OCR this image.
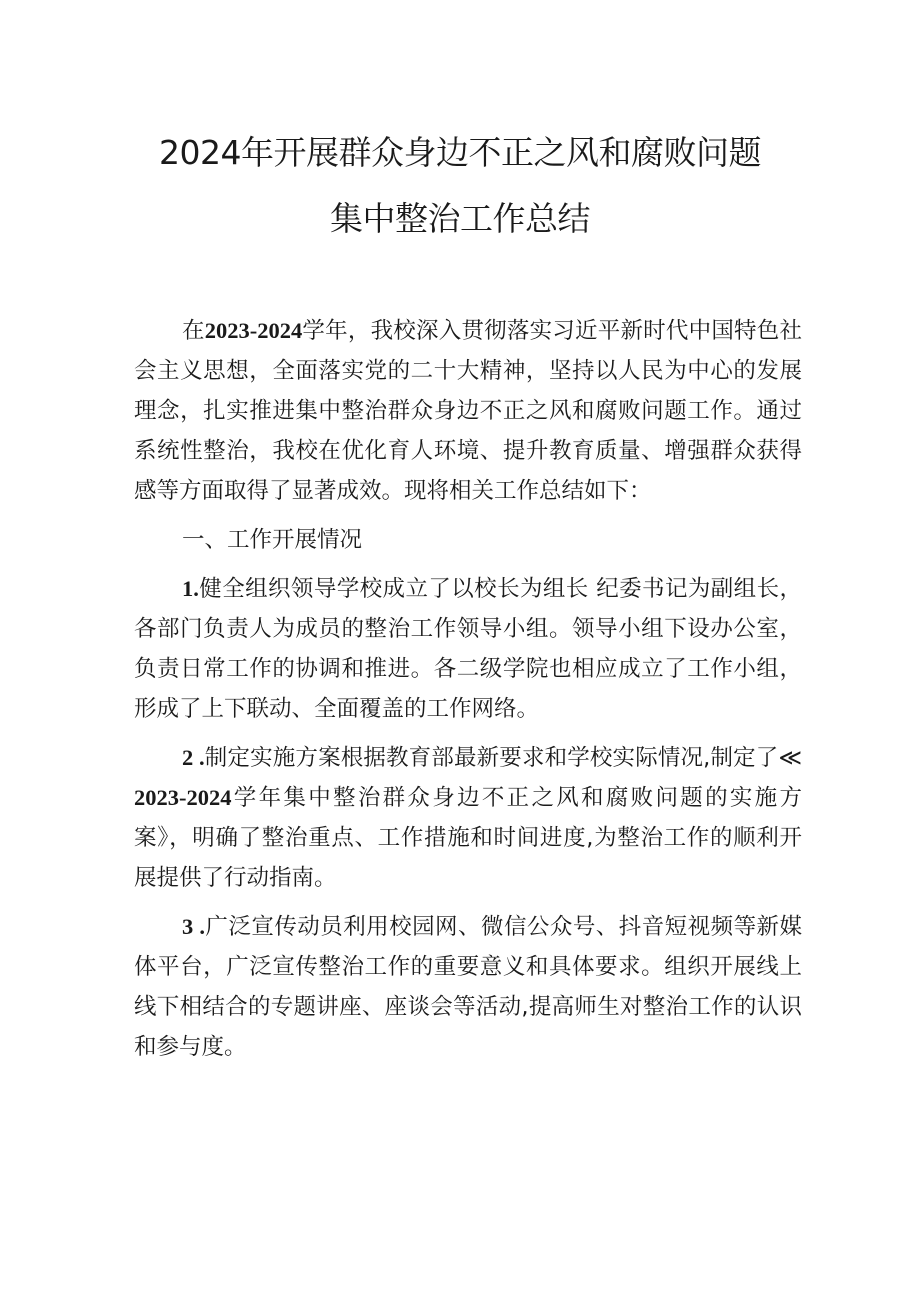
2024年开展群众身边不正之风和腐败问题
集中整治工作总结

在2023-2024学年，我校深入贯彻落实习近平新时代中国特色社会主义思想，全面落实党的二十大精神，坚持以人民为中心的发展理念，扎实推进集中整治群众身边不正之风和腐败问题工作。通过系统性整治，我校在优化育人环境、提升教育质量、增强群众获得感等方面取得了显著成效。现将相关工作总结如下：

一、工作开展情况

1.健全组织领导学校成立了以校长为组长 纪委书记为副组长，各部门负责人为成员的整治工作领导小组。领导小组下设办公室，负责日常工作的协调和推进。各二级学院也相应成立了工作小组，形成了上下联动、全面覆盖的工作网络。

2 .制定实施方案根据教育部最新要求和学校实际情况,制定了≪2023-2024学年集中整治群众身边不正之风和腐败问题的实施方案》，明确了整治重点、工作措施和时间进度,为整治工作的顺利开展提供了行动指南。

3 .广泛宣传动员利用校园网、微信公众号、抖音短视频等新媒体平台，广泛宣传整治工作的重要意义和具体要求。组织开展线上线下相结合的专题讲座、座谈会等活动,提高师生对整治工作的认识和参与度。
